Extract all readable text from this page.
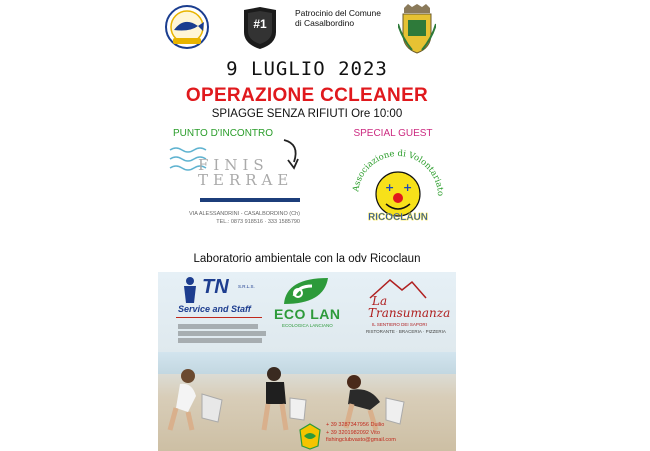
#1
Patrocinio del Comune
di Casalbordino
9 LUGLIO 2023
OPERAZIONE CCLEANER
SPIAGGE SENZA RIFIUTI Ore 10:00
PUNTO D'INCONTRO
FINIS
TERRAE
VIA ALESSANDRINI - CASALBORDINO (Ch)
TEL.: 0873 918516 · 333 1585790
SPECIAL GUEST
Associazione di Volontariato
+ +
RICOCLAUN
Laboratorio ambientale con la odv Ricoclaun
TN S.R.L.S.
Service and Staff ECO LAN
ECOLOGICA LANCIANO
La
Transumanza
IL SENTIERO DEI SAPORI
RISTORANTE · BRACERIA · PIZZERIA
+ 39 3287347956 Duilio
+ 39 3201982092 Vito
fishingclubvasto@gmail.com
